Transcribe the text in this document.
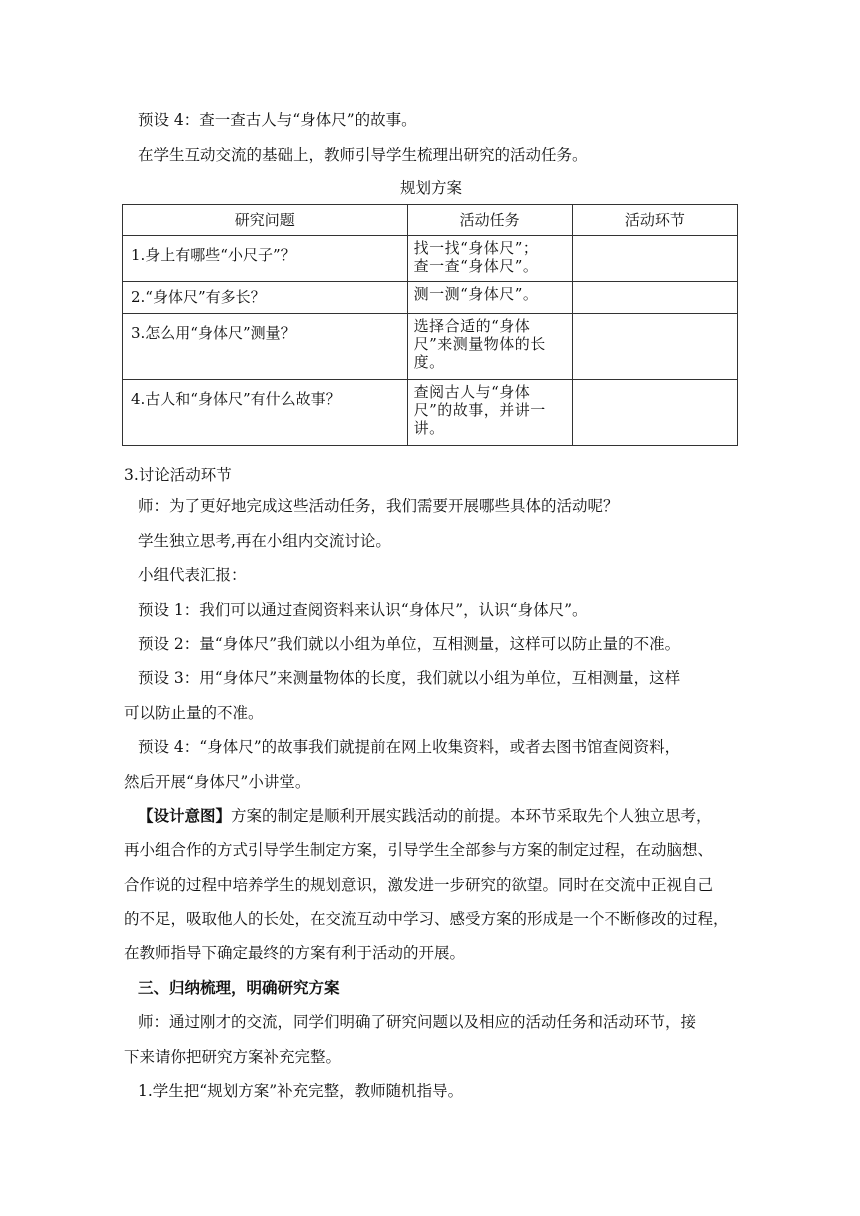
预设 4：查一查古人与“身体尺”的故事。
在学生互动交流的基础上，教师引导学生梳理出研究的活动任务。
规划方案
研究问题	活动任务	活动环节
1.身上有哪些“小尺子”？	找一找“身体尺”；
查一查“身体尺”。	

2.“身体尺”有多长？	测一测“身体尺”。	

3.怎么用“身体尺”测量？	选择合适的“身体
尺”来测量物体的长
度。	

4.古人和“身体尺”有什么故事？	查阅古人与“身体
尺”的故事，并讲一
讲。	

3.讨论活动环节
师：为了更好地完成这些活动任务，我们需要开展哪些具体的活动呢？
学生独立思考,再在小组内交流讨论。
小组代表汇报：
预设 1：我们可以通过查阅资料来认识“身体尺”，认识“身体尺”。
预设 2：量“身体尺”我们就以小组为单位，互相测量，这样可以防止量的不准。
预设 3：用“身体尺”来测量物体的长度，我们就以小组为单位，互相测量，这样
可以防止量的不准。
预设 4：“身体尺”的故事我们就提前在网上收集资料，或者去图书馆查阅资料，
然后开展“身体尺”小讲堂。
【设计意图】方案的制定是顺利开展实践活动的前提。本环节采取先个人独立思考，
再小组合作的方式引导学生制定方案，引导学生全部参与方案的制定过程，在动脑想、
合作说的过程中培养学生的规划意识，激发进一步研究的欲望。同时在交流中正视自己
的不足，吸取他人的长处，在交流互动中学习、感受方案的形成是一个不断修改的过程，
在教师指导下确定最终的方案有利于活动的开展。
三、归纳梳理，明确研究方案
师：通过刚才的交流，同学们明确了研究问题以及相应的活动任务和活动环节，接
下来请你把研究方案补充完整。
1.学生把“规划方案”补充完整，教师随机指导。
